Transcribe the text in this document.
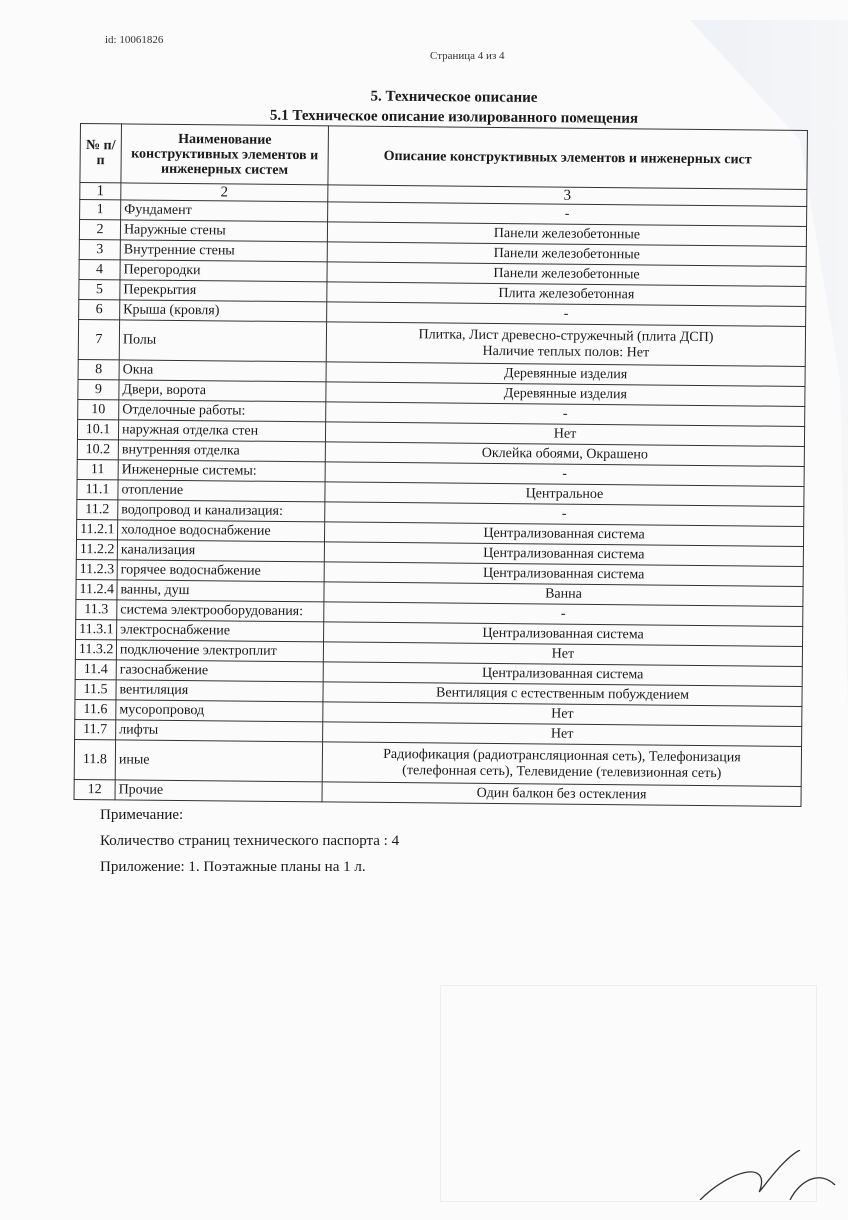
id: 10061826
Страница 4 из 4
5. Техническое описание
5.1 Техническое описание изолированного помещения
№ п/п	Наименование конструктивных элементов и инженерных систем	Описание конструктивных элементов и инженерных сист
1	2	3
1	Фундамент	-
2	Наружные стены	Панели железобетонные
3	Внутренние стены	Панели железобетонные
4	Перегородки	Панели железобетонные
5	Перекрытия	Плита железобетонная
6	Крыша (кровля)	-
7	Полы	Плитка, Лист древесно-стружечный (плита ДСП)
Наличие теплых полов: Нет

8	Окна	Деревянные изделия
9	Двери, ворота	Деревянные изделия
10	Отделочные работы:	-
10.1	наружная отделка стен	Нет
10.2	внутренняя отделка	Оклейка обоями, Окрашено
11	Инженерные системы:	-
11.1	отопление	Центральное
11.2	водопровод и канализация:	-
11.2.1	холодное водоснабжение	Централизованная система
11.2.2	канализация	Централизованная система
11.2.3	горячее водоснабжение	Централизованная система
11.2.4	ванны, душ	Ванна
11.3	система электрооборудования:	-
11.3.1	электроснабжение	Централизованная система
11.3.2	подключение электроплит	Нет
11.4	газоснабжение	Централизованная система
11.5	вентиляция	Вентиляция с естественным побуждением
11.6	мусоропровод	Нет
11.7	лифты	Нет
11.8	иные	Радиофикация (радиотрансляционная сеть), Телефонизация
(телефонная сеть), Телевидение (телевизионная сеть)

12	Прочие	Один балкон без остекления
Примечание:
Количество страниц технического паспорта : 4
Приложение: 1. Поэтажные планы на 1 л.
